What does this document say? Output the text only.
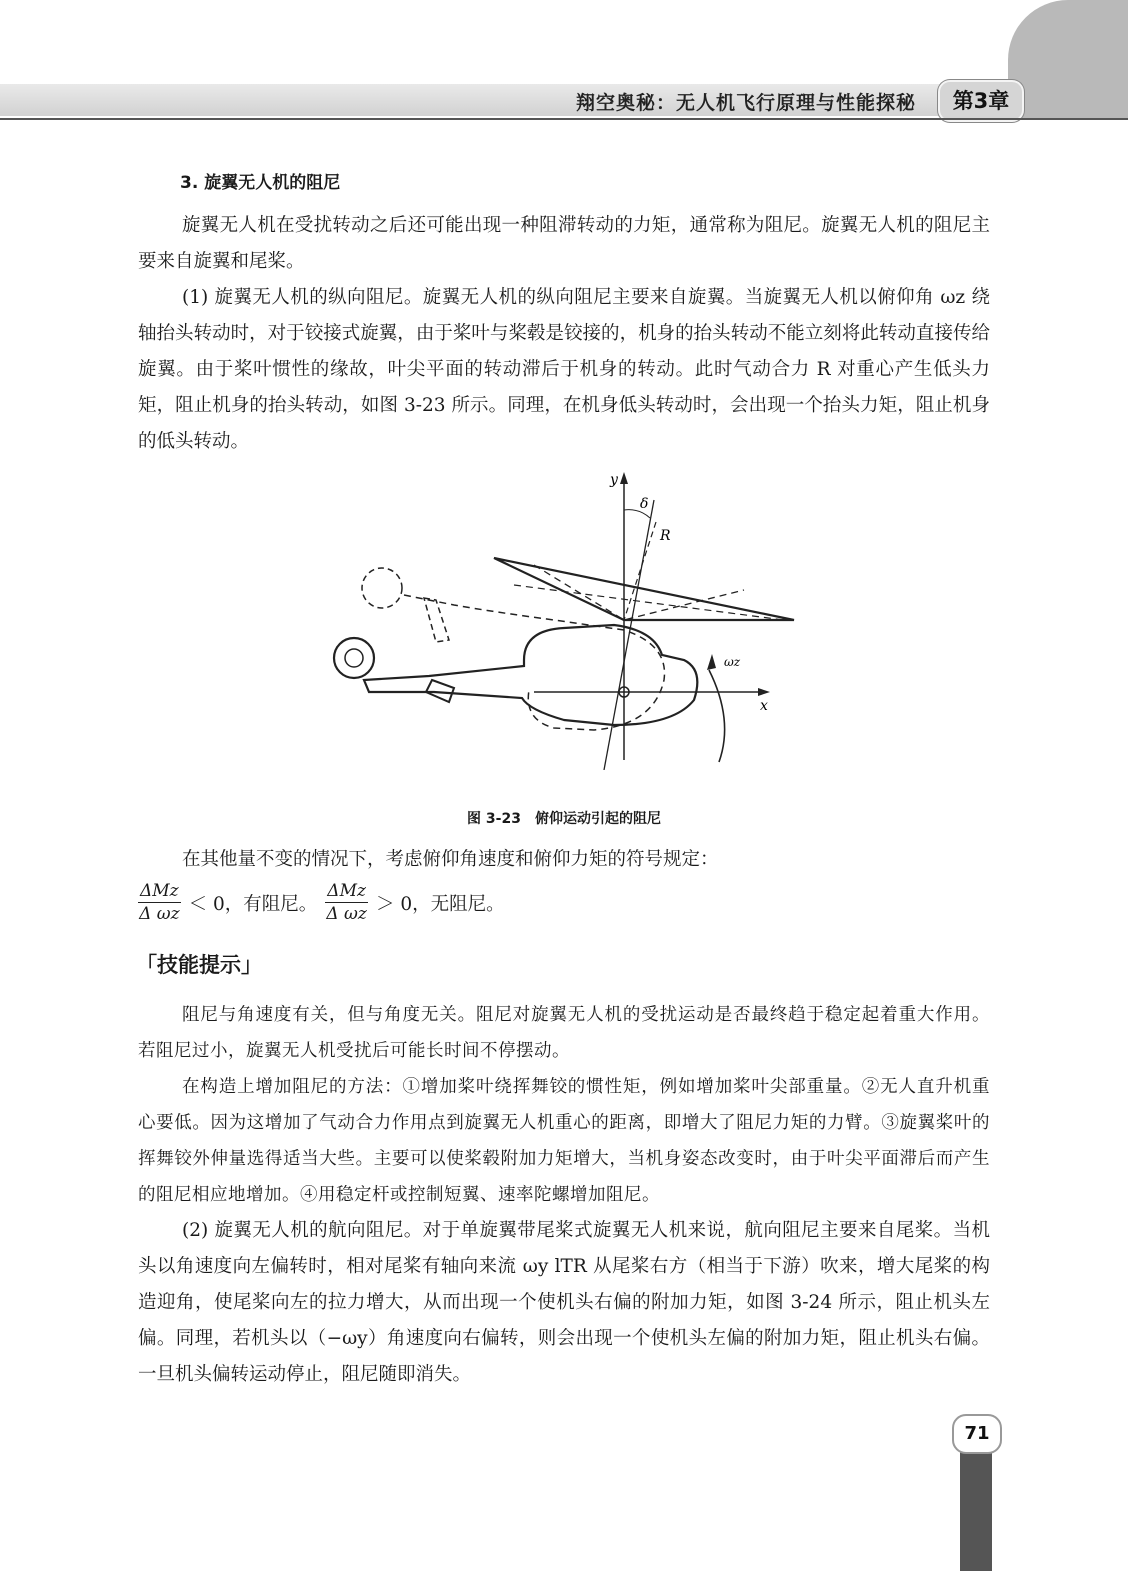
翔空奥秘：无人机飞行原理与性能探秘	第3章
3. 旋翼无人机的阻尼

旋翼无人机在受扰转动之后还可能出现一种阻滞转动的力矩，通常称为阻尼。旋翼无人机的阻尼主要来自旋翼和尾桨。

(1) 旋翼无人机的纵向阻尼。旋翼无人机的纵向阻尼主要来自旋翼。当旋翼无人机以俯仰角 ωz 绕轴抬头转动时，对于铰接式旋翼，由于桨叶与桨毂是铰接的，机身的抬头转动不能立刻将此转动直接传给旋翼。由于桨叶惯性的缘故，叶尖平面的转动滞后于机身的转动。此时气动合力 R 对重心产生低头力矩，阻止机身的抬头转动，如图 3-23 所示。同理，在机身低头转动时，会出现一个抬头力矩，阻止机身的低头转动。

y
δ
R
ωz
x
图 3-23　俯仰运动引起的阻尼

在其他量不变的情况下，考虑俯仰角速度和俯仰力矩的符号规定：

$\frac{\text{ΔMz}}{\text{Δ ωz}} < 0$，有阻尼。 $\frac{\text{ΔMz}}{\text{Δ ωz}} > 0$，无阻尼。
「技能提示」

阻尼与角速度有关，但与角度无关。阻尼对旋翼无人机的受扰运动是否最终趋于稳定起着重大作用。若阻尼过小，旋翼无人机受扰后可能长时间不停摆动。

在构造上增加阻尼的方法：①增加桨叶绕挥舞铰的惯性矩，例如增加桨叶尖部重量。②无人直升机重心要低。因为这增加了气动合力作用点到旋翼无人机重心的距离，即增大了阻尼力矩的力臂。③旋翼桨叶的挥舞铰外伸量选得适当大些。主要可以使桨毂附加力矩增大，当机身姿态改变时，由于叶尖平面滞后而产生的阻尼相应地增加。④用稳定杆或控制短翼、速率陀螺增加阻尼。

(2) 旋翼无人机的航向阻尼。对于单旋翼带尾桨式旋翼无人机来说，航向阻尼主要来自尾桨。当机头以角速度向左偏转时，相对尾桨有轴向来流 ωy lTR 从尾桨右方（相当于下游）吹来，增大尾桨的构造迎角，使尾桨向左的拉力增大，从而出现一个使机头右偏的附加力矩，如图 3-24 所示，阻止机头左偏。同理，若机头以（−ωy）角速度向右偏转，则会出现一个使机头左偏的附加力矩，阻止机头右偏。一旦机头偏转运动停止，阻尼随即消失。

71
